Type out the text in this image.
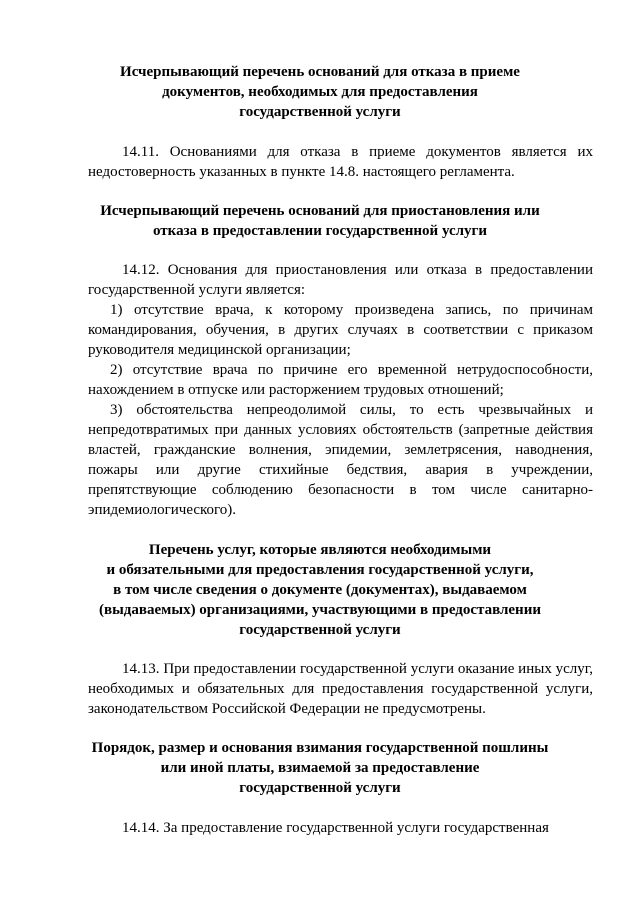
Исчерпывающий перечень оснований для отказа в приеме
документов, необходимых для предоставления
государственной услуги

14.11. Основаниями для отказа в приеме документов является их недостоверность указанных в пункте 14.8. настоящего регламента.

Исчерпывающий перечень оснований для приостановления или
отказа в предоставлении государственной услуги

14.12. Основания для приостановления или отказа в предоставлении государственной услуги является:

1) отсутствие врача, к которому произведена запись, по причинам командирования, обучения, в других случаях в соответствии с приказом руководителя медицинской организации;

2) отсутствие врача по причине его временной нетрудоспособности, нахождением в отпуске или расторжением трудовых отношений;

3) обстоятельства непреодолимой силы, то есть чрезвычайных и непредотвратимых при данных условиях обстоятельств (запретные действия властей, гражданские волнения, эпидемии, землетрясения, наводнения, пожары или другие стихийные бедствия, авария в учреждении, препятствующие соблюдению безопасности в том числе санитарно-эпидемиологического).

Перечень услуг, которые являются необходимыми
и обязательными для предоставления государственной услуги,
в том числе сведения о документе (документах), выдаваемом
(выдаваемых) организациями, участвующими в предоставлении
государственной услуги

14.13. При предоставлении государственной услуги оказание иных услуг, необходимых и обязательных для предоставления государственной услуги, законодательством Российской Федерации не предусмотрены.

Порядок, размер и основания взимания государственной пошлины
или иной платы, взимаемой за предоставление
государственной услуги

14.14. За предоставление государственной услуги государственная
